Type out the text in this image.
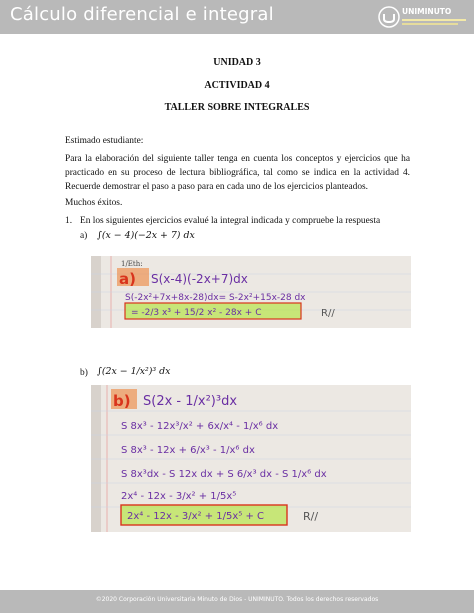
Cálculo diferencial e integral	UNIMINUTO
UNIDAD 3
ACTIVIDAD 4
TALLER SOBRE INTEGRALES
Estimado estudiante:
Para la elaboración del siguiente taller tenga en cuenta los conceptos y ejercicios que ha practicado en su proceso de lectura bibliográfica, tal como se indica en la actividad 4. Recuerde demostrar el paso a paso para en cada uno de los ejercicios planteados.
Muchos éxitos.
1. En los siguientes ejercicios evalué la integral indicada y compruebe la respuesta
a) ∫(x − 4)(−2x + 7) dx
1/Eth:
a) S(x-4)(-2x+7)dx
S(-2x²+7x+8x-28)dx= S-2x²+15x-28 dx
= -2/3 x³ + 15/2 x² - 28x + C	R//
b) ∫(2x − 1/x²)³ dx
b) S(2x - 1/x²)³dx
S 8x³ - 12x³/x² + 6x/x⁴ - 1/x⁶ dx
S 8x³ - 12x + 6/x³ - 1/x⁶ dx
S 8x³dx - S 12x dx + S 6/x³ dx - S 1/x⁶ dx
2x⁴ - 12x - 3/x² + 1/5x⁵
2x⁴ - 12x - 3/x² + 1/5x⁵ + C	R//
©2020 Corporación Universitaria Minuto de Dios - UNIMINUTO. Todos los derechos reservados
